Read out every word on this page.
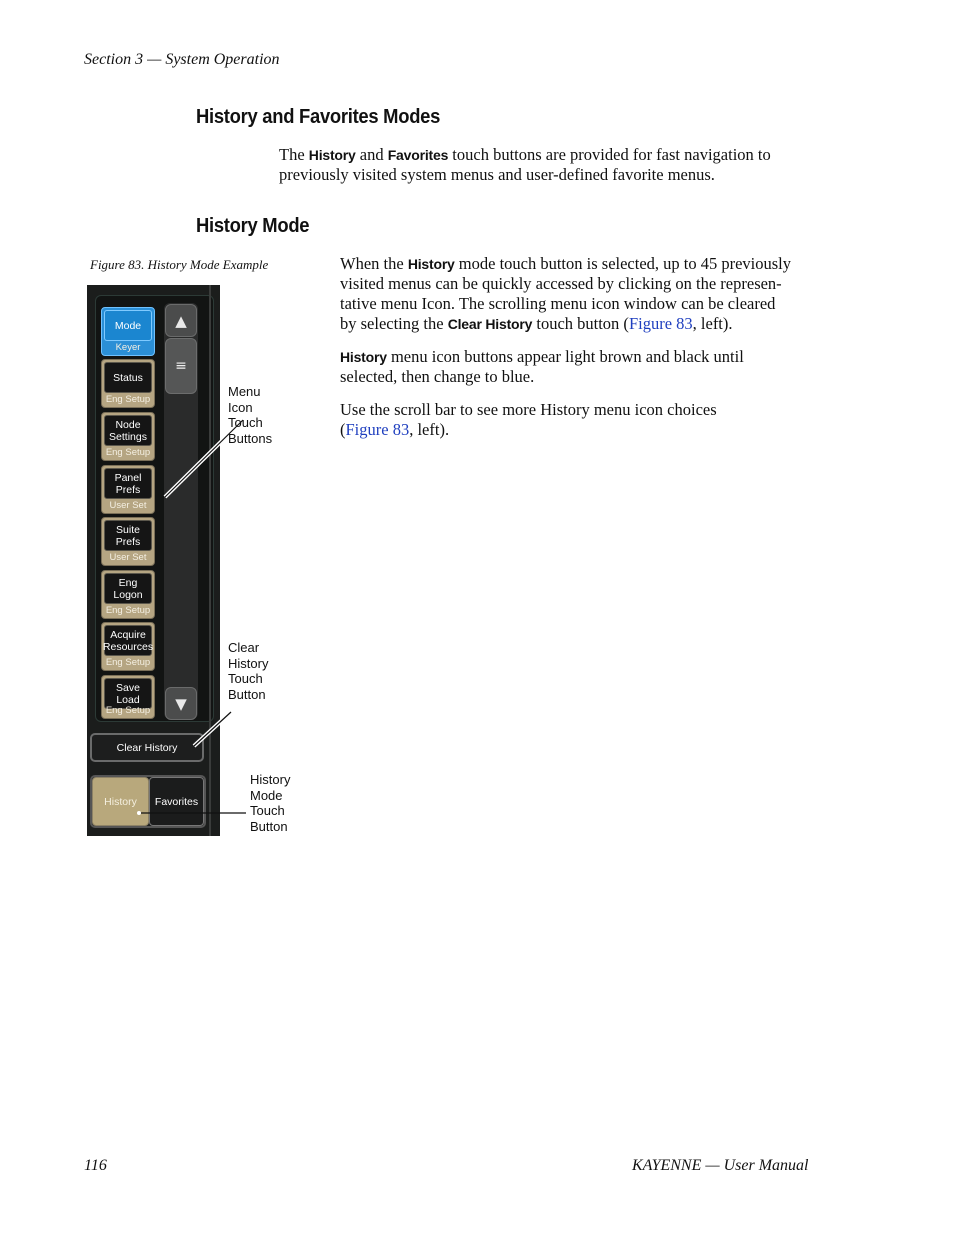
Section 3 — System Operation
History and Favorites Modes
The History and Favorites touch buttons are provided for fast navigation to
previously visited system menus and user-defined favorite menus.
History Mode
Figure 83. History Mode Example	When the History mode touch button is selected, up to 45 previously
visited menus can be quickly accessed by clicking on the represen-
tative menu Icon. The scrolling menu icon window can be cleared
by selecting the Clear History touch button (Figure 83, left).
History menu icon buttons appear light brown and black until
selected, then change to blue.
Use the scroll bar to see more History menu icon choices
(Figure 83, left).
Mode
Keyer
Status
Eng Setup
Node
Settings
Eng Setup
Panel
Prefs
User Set
Suite
Prefs
User Set
Eng Logon
Eng Setup
Acquire
Resources
Eng Setup
Save Load
Eng Setup
▲
≡
▼
Clear History
History	Favorites
Menu
Icon
Touch
Buttons
Clear
History
Touch
Button
History
Mode
Touch
Button
116	KAYENNE — User Manual
